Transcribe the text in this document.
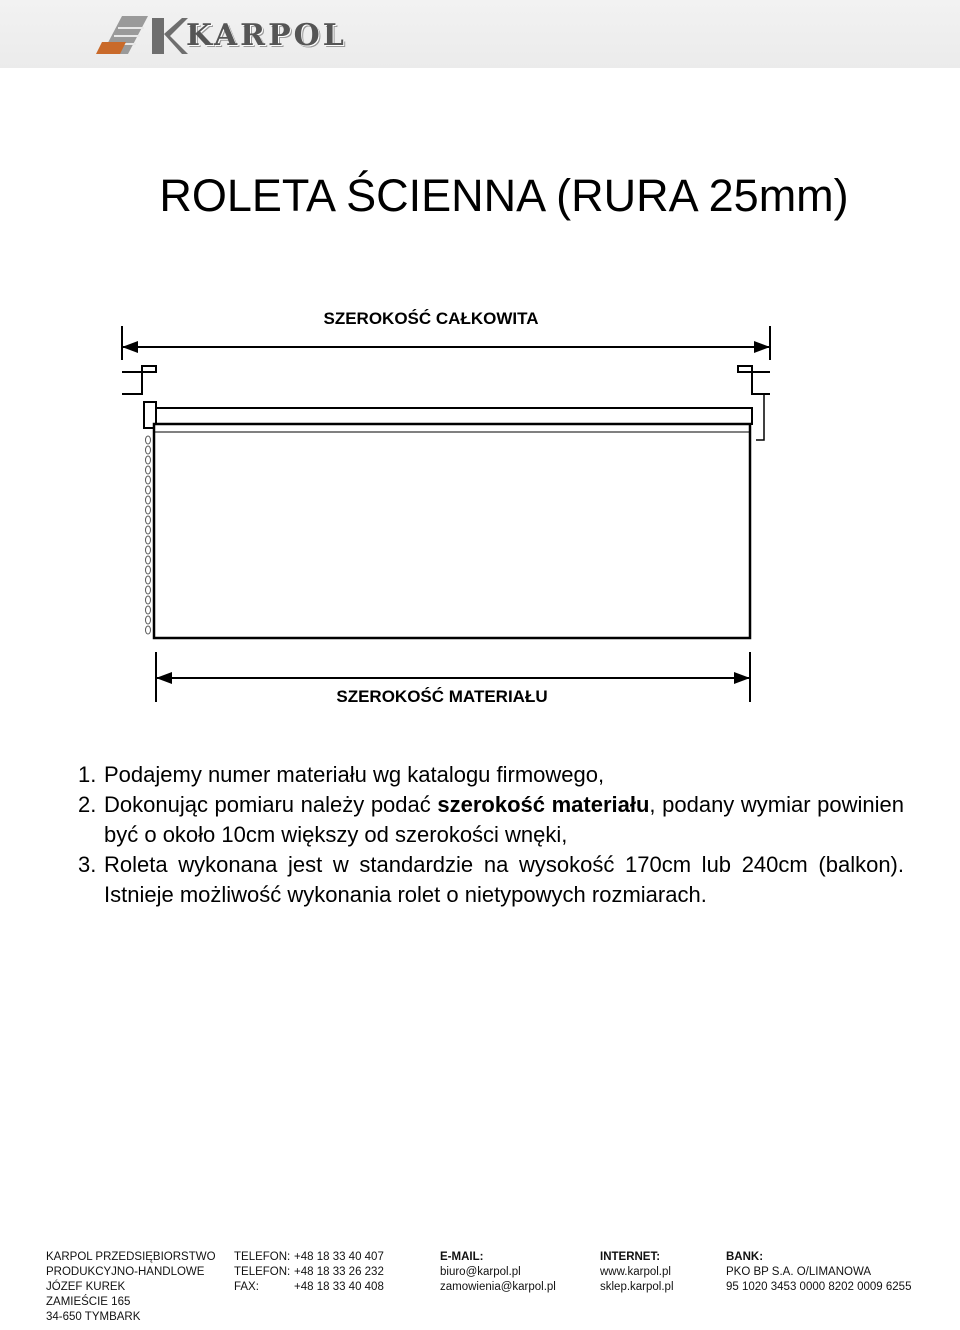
KARPOL
ROLETA ŚCIENNA (RURA 25mm)
SZEROKOŚĆ CAŁKOWITA
SZEROKOŚĆ MATERIAŁU
1. Podajemy numer materiału wg katalogu firmowego,
2. Dokonując pomiaru należy podać szerokość materiału, podany wymiar powinien być o około 10cm większy od szerokości wnęki,
3. Roleta wykonana jest w standardzie na wysokość 170cm lub 240cm (balkon). Istnieje możliwość wykonania rolet o nietypowych rozmiarach.
KARPOL PRZEDSIĘBIORSTWO
PRODUKCYJNO-HANDLOWE
JÓZEF KUREK
ZAMIEŚCIE 165
34-650 TYMBARK
TELEFON: +48 18 33 40 407
TELEFON: +48 18 33 26 232
FAX:	+48 18 33 40 408
E-MAIL:
biuro@karpol.pl
zamowienia@karpol.pl
INTERNET:
www.karpol.pl
sklep.karpol.pl
BANK:
PKO BP S.A. O/LIMANOWA
95 1020 3453 0000 8202 0009 6255
